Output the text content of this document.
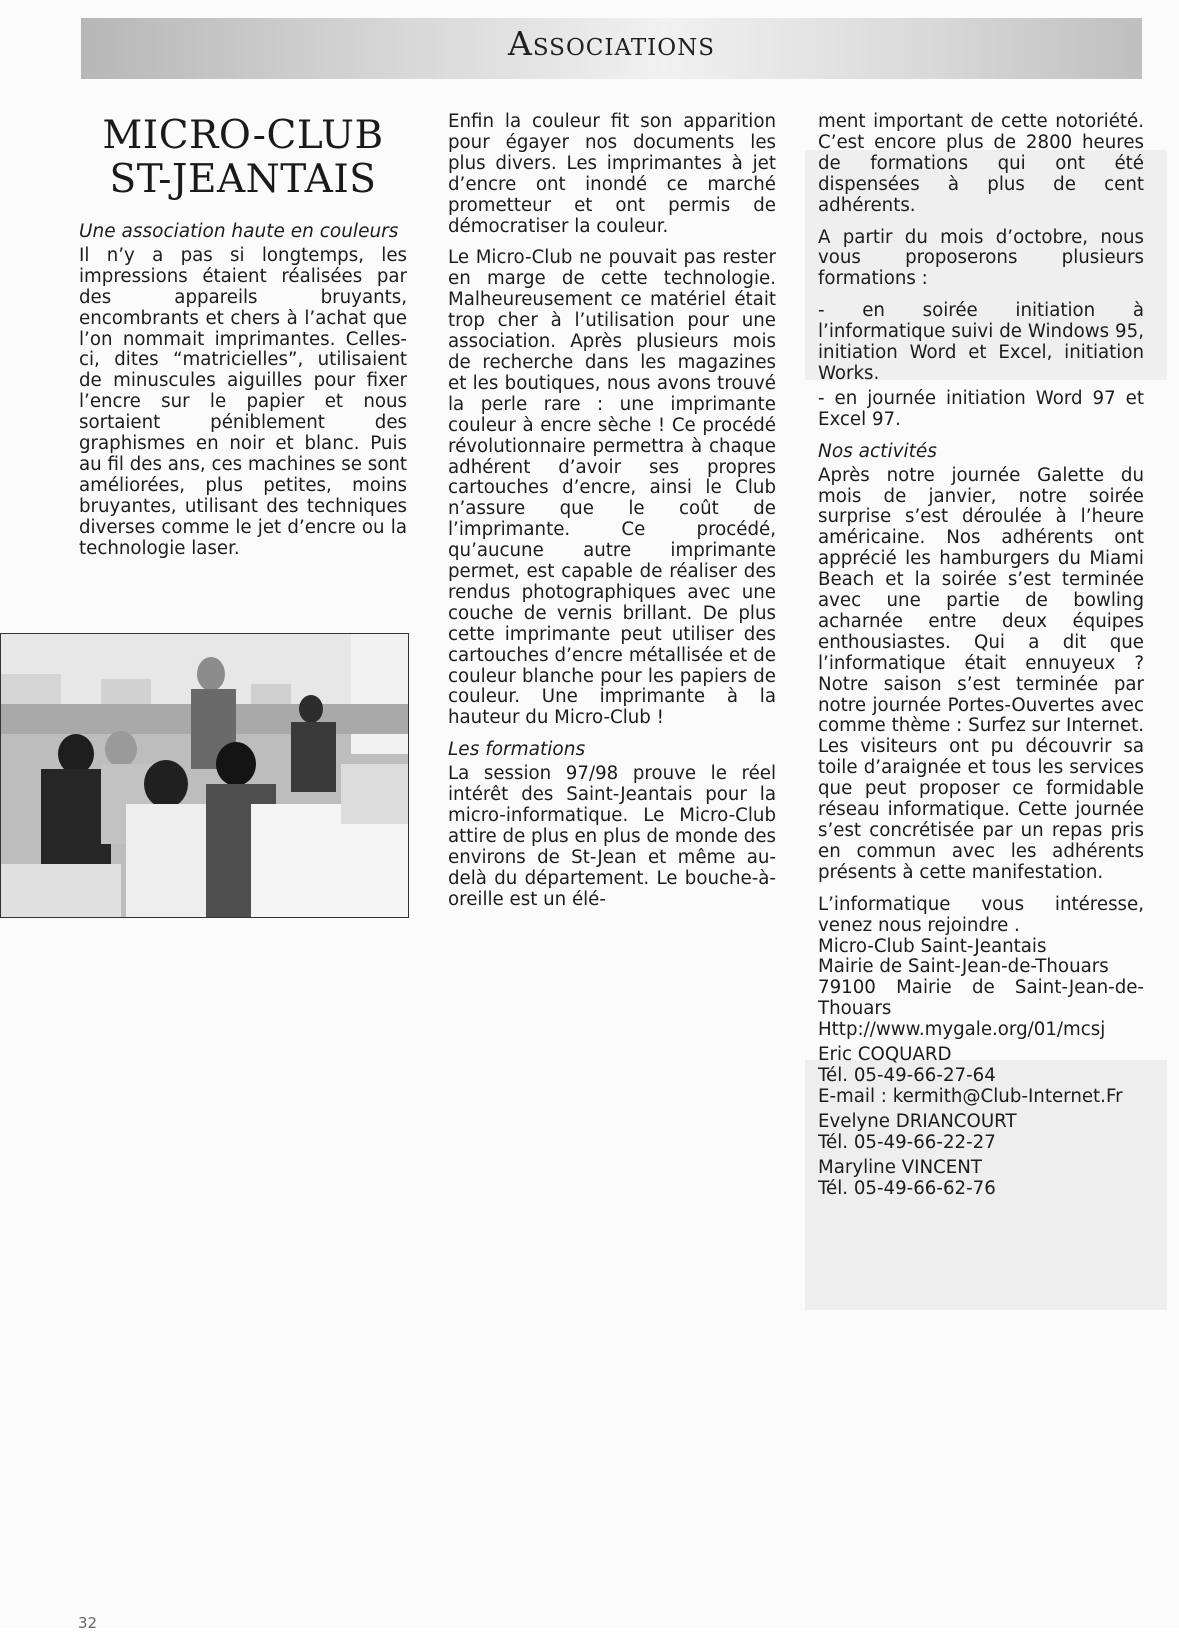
Associations
MICRO-CLUB
ST-JEANTAIS
Une association haute en couleurs

Il n’y a pas si longtemps, les impressions étaient réalisées par des appareils bruyants, encombrants et chers à l’achat que l’on nommait imprimantes. Celles-ci, dites “matricielles”, utilisaient de minuscules aiguilles pour fixer l’encre sur le papier et nous sortaient péniblement des graphismes en noir et blanc. Puis au fil des ans, ces machines se sont améliorées, plus petites, moins bruyantes, utilisant des techniques diverses comme le jet d’encre ou la technologie laser.

Enfin la couleur fit son apparition pour égayer nos documents les plus divers. Les imprimantes à jet d’encre ont inondé ce marché prometteur et ont permis de démocratiser la couleur.

Le Micro-Club ne pouvait pas rester en marge de cette technologie. Malheureusement ce matériel était trop cher à l’utilisation pour une association. Après plusieurs mois de recherche dans les magazines et les boutiques, nous avons trouvé la perle rare : une imprimante couleur à encre sèche ! Ce procédé révolutionnaire permettra à chaque adhérent d’avoir ses propres cartouches d’encre, ainsi le Club n’assure que le coût de l’imprimante. Ce procédé, qu’aucune autre imprimante permet, est capable de réaliser des rendus photographiques avec une couche de vernis brillant. De plus cette imprimante peut utiliser des cartouches d’encre métallisée et de couleur blanche pour les papiers de couleur. Une imprimante à la hauteur du Micro-Club !

Les formations

La session 97/98 prouve le réel intérêt des Saint-Jeantais pour la micro-informatique. Le Micro-Club attire de plus en plus de monde des environs de St-Jean et même au-delà du département. Le bouche-à-oreille est un élé-

ment important de cette notoriété. C’est encore plus de 2800 heures de formations qui ont été dispensées à plus de cent adhérents.

A partir du mois d’octobre, nous vous proposerons plusieurs formations :

- en soirée initiation à l’informatique suivi de Windows 95, initiation Word et Excel, initiation Works.

- en journée initiation Word 97 et Excel 97.

Nos activités

Après notre journée Galette du mois de janvier, notre soirée surprise s’est déroulée à l’heure américaine. Nos adhérents ont apprécié les hamburgers du Miami Beach et la soirée s’est terminée avec une partie de bowling acharnée entre deux équipes enthousiastes. Qui a dit que l’informatique était ennuyeux ? Notre saison s’est terminée par notre journée Portes-Ouvertes avec comme thème : Surfez sur Internet. Les visiteurs ont pu découvrir sa toile d’araignée et tous les services que peut proposer ce formidable réseau informatique. Cette journée s’est concrétisée par un repas pris en commun avec les adhérents présents à cette manifestation.

L’informatique vous intéresse, venez nous rejoindre .
Micro-Club Saint-Jeantais
Mairie de Saint-Jean-de-Thouars
79100 Mairie de Saint-Jean-de-Thouars
Http://www.mygale.org/01/mcsj

Eric COQUARD
Tél. 05-49-66-27-64
E-mail : kermith@Club-Internet.Fr

Evelyne DRIANCOURT
Tél. 05-49-66-22-27

Maryline VINCENT
Tél. 05-49-66-62-76

32
